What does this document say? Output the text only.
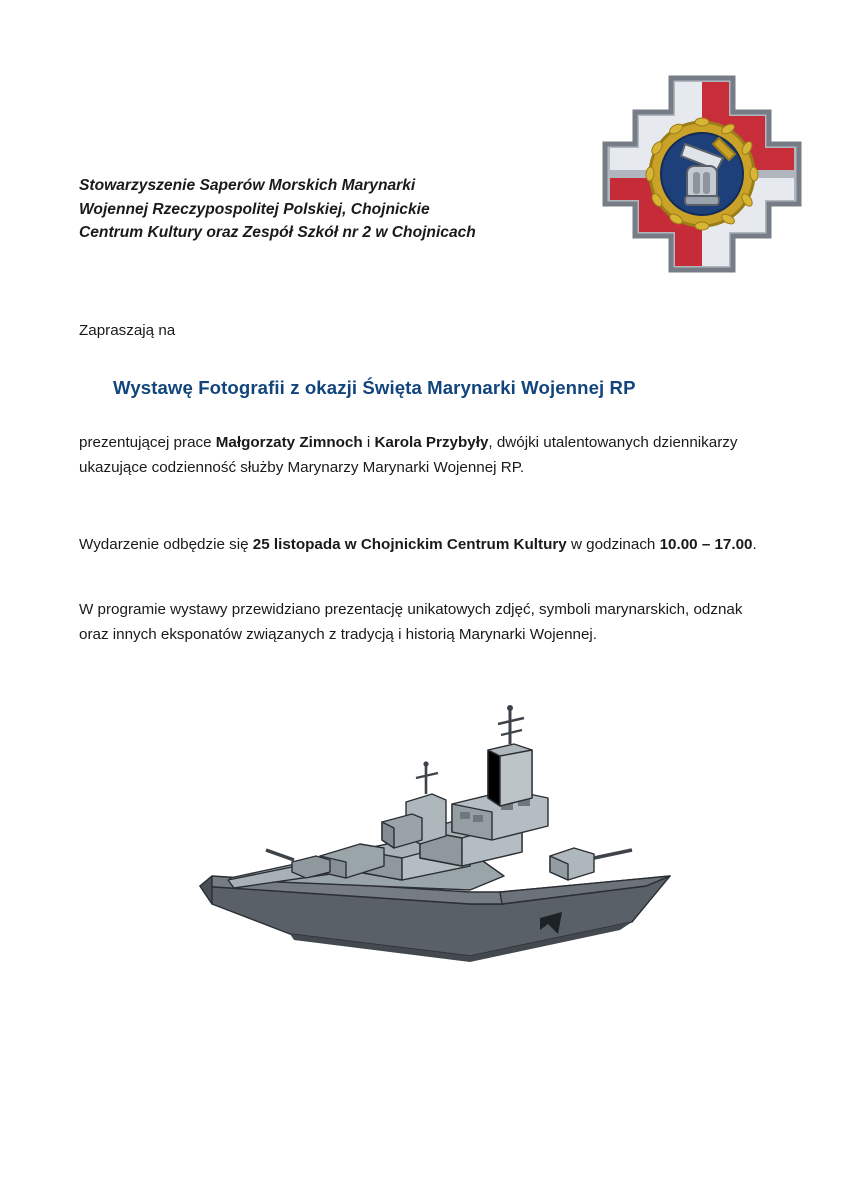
Stowarzyszenie Saperów Morskich Marynarki
Wojennej Rzeczypospolitej Polskiej, Chojnickie
Centrum Kultury oraz Zespół Szkół nr 2 w Chojnicach
Zapraszają na
Wystawę Fotografii z okazji Święta Marynarki Wojennej RP
prezentującej prace Małgorzaty Zimnoch i Karola Przybyły, dwójki utalentowanych dziennikarzy ukazujące codzienność służby Marynarzy Marynarki Wojennej RP.
Wydarzenie odbędzie się 25 listopada w Chojnickim Centrum Kultury w godzinach 10.00 – 17.00.
W programie wystawy przewidziano prezentację unikatowych zdjęć, symboli marynarskich, odznak oraz innych eksponatów związanych z tradycją i historią Marynarki Wojennej.
